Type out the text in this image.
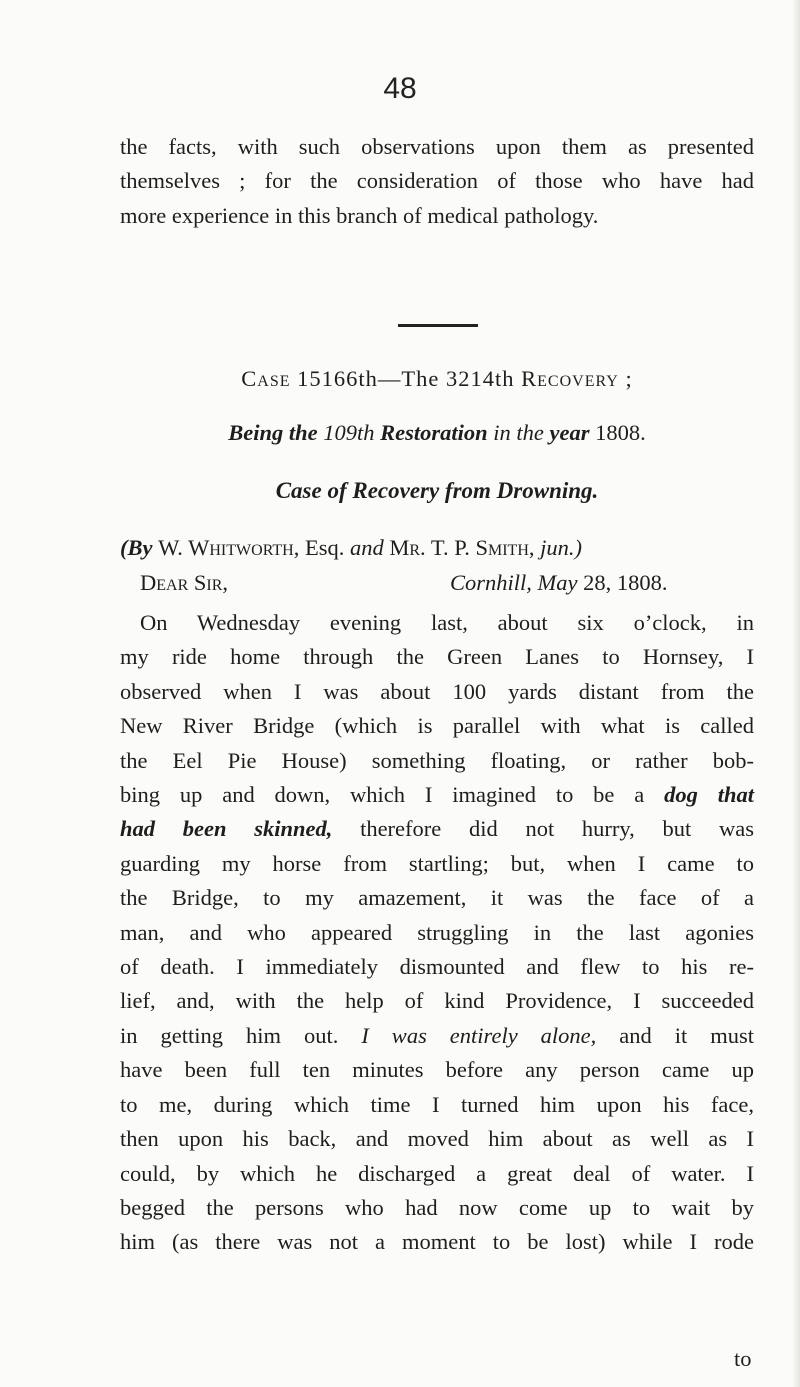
48
the facts, with such observations upon them as presented
themselves ; for the consideration of those who have had
more experience in this branch of medical pathology.
Case 15166th—The 3214th Recovery ;
Being the 109th Restoration in the year 1808.
Case of Recovery from Drowning.
(By W. Whitworth, Esq. and Mr. T. P. Smith, jun.)
Dear Sir,	Cornhill, May 28, 1808.
On Wednesday evening last, about six o’clock, in
my ride home through the Green Lanes to Hornsey, I
observed when I was about 100 yards distant from the
New River Bridge (which is parallel with what is called
the Eel Pie House) something floating, or rather bob-
bing up and down, which I imagined to be a dog that
had been skinned, therefore did not hurry, but was
guarding my horse from startling; but, when I came to
the Bridge, to my amazement, it was the face of a
man, and who appeared struggling in the last agonies
of death. I immediately dismounted and flew to his re-
lief, and, with the help of kind Providence, I succeeded
in getting him out. I was entirely alone, and it must
have been full ten minutes before any person came up
to me, during which time I turned him upon his face,
then upon his back, and moved him about as well as I
could, by which he discharged a great deal of water. I
begged the persons who had now come up to wait by
him (as there was not a moment to be lost) while I rode
to
